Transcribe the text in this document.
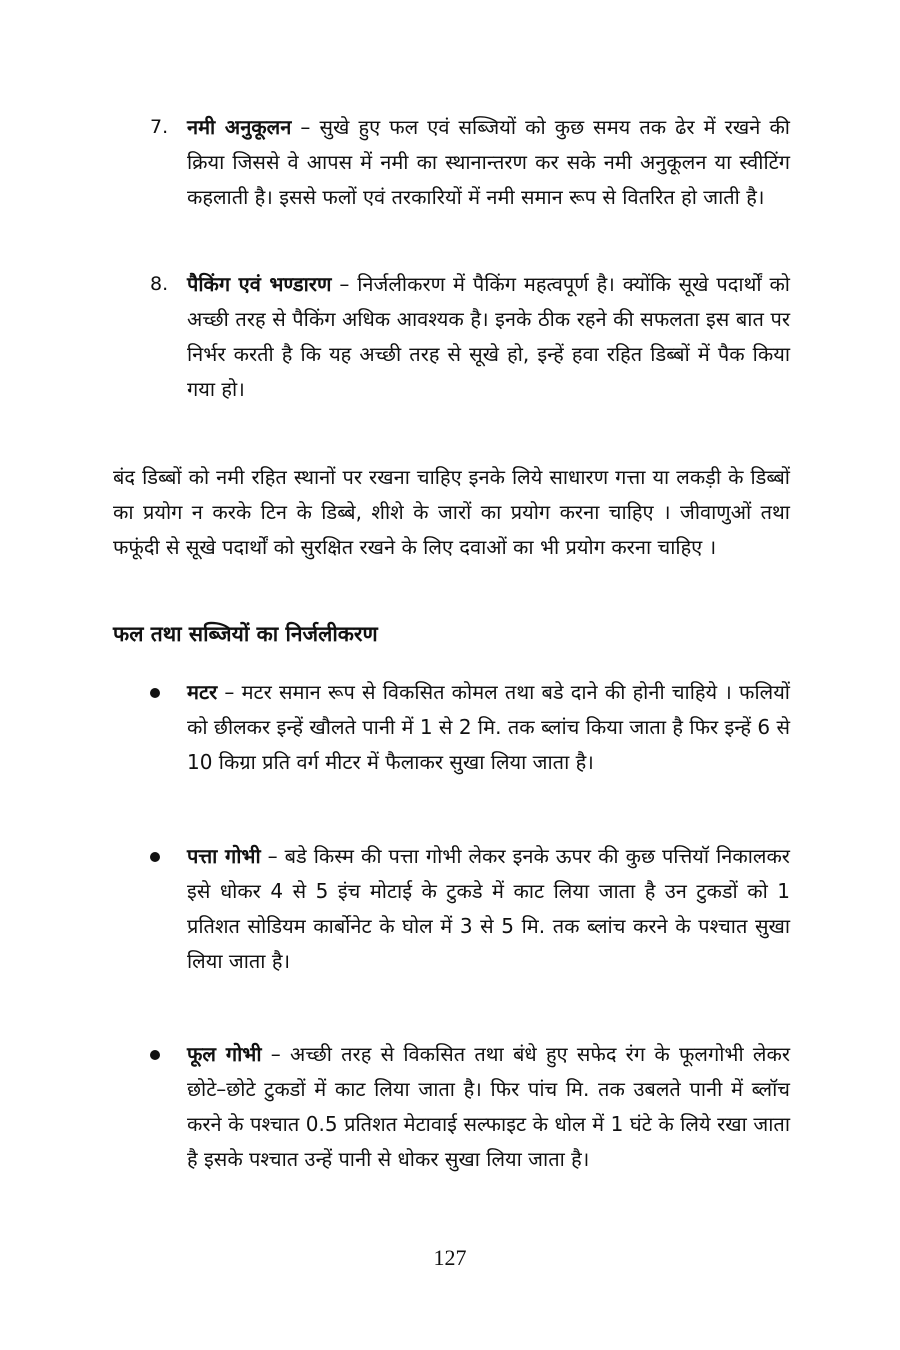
7. नमी अनुकूलन – सुखे हुए फल एवं सब्जियों को कुछ समय तक ढेर में रखने की क्रिया जिससे वे आपस में नमी का स्थानान्तरण कर सके नमी अनुकूलन या स्वीटिंग कहलाती है। इससे फलों एवं तरकारियों में नमी समान रूप से वितरित हो जाती है।
8. पैकिंग एवं भण्डारण – निर्जलीकरण में पैकिंग महत्वपूर्ण है। क्योंकि सूखे पदार्थों को अच्छी तरह से पैकिंग अधिक आवश्यक है। इनके ठीक रहने की सफलता इस बात पर निर्भर करती है कि यह अच्छी तरह से सूखे हो, इन्हें हवा रहित डिब्बों में पैक किया गया हो।
बंद डिब्बों को नमी रहित स्थानों पर रखना चाहिए इनके लिये साधारण गत्ता या लकड़ी के डिब्बों का प्रयोग न करके टिन के डिब्बे, शीशे के जारों का प्रयोग करना चाहिए । जीवाणुओं तथा फफूंदी से सूखे पदार्थों को सुरक्षित रखने के लिए दवाओं का भी प्रयोग करना चाहिए ।
फल तथा सब्जियों का निर्जलीकरण
मटर – मटर समान रूप से विकसित कोमल तथा बडे दाने की होनी चाहिये । फलियों को छीलकर इन्हें खौलते पानी में 1 से 2 मि. तक ब्लांच किया जाता है फिर इन्हें 6 से 10 किग्रा प्रति वर्ग मीटर में फैलाकर सुखा लिया जाता है।
पत्ता गोभी – बडे किस्म की पत्ता गोभी लेकर इनके ऊपर की कुछ पत्तियॉ निकालकर इसे धोकर 4 से 5 इंच मोटाई के टुकडे में काट लिया जाता है उन टुकडों को 1 प्रतिशत सोडियम कार्बोनेट के घोल में 3 से 5 मि. तक ब्लांच करने के पश्चात सुखा लिया जाता है।
फूल गोभी – अच्छी तरह से विकसित तथा बंधे हुए सफेद रंग के फूलगोभी लेकर छोटे–छोटे टुकडों में काट लिया जाता है। फिर पांच मि. तक उबलते पानी में ब्लॉच करने के पश्चात 0.5 प्रतिशत मेटावाई सल्फाइट के धोल में 1 घंटे के लिये रखा जाता है इसके पश्चात उन्हें पानी से धोकर सुखा लिया जाता है।
127
